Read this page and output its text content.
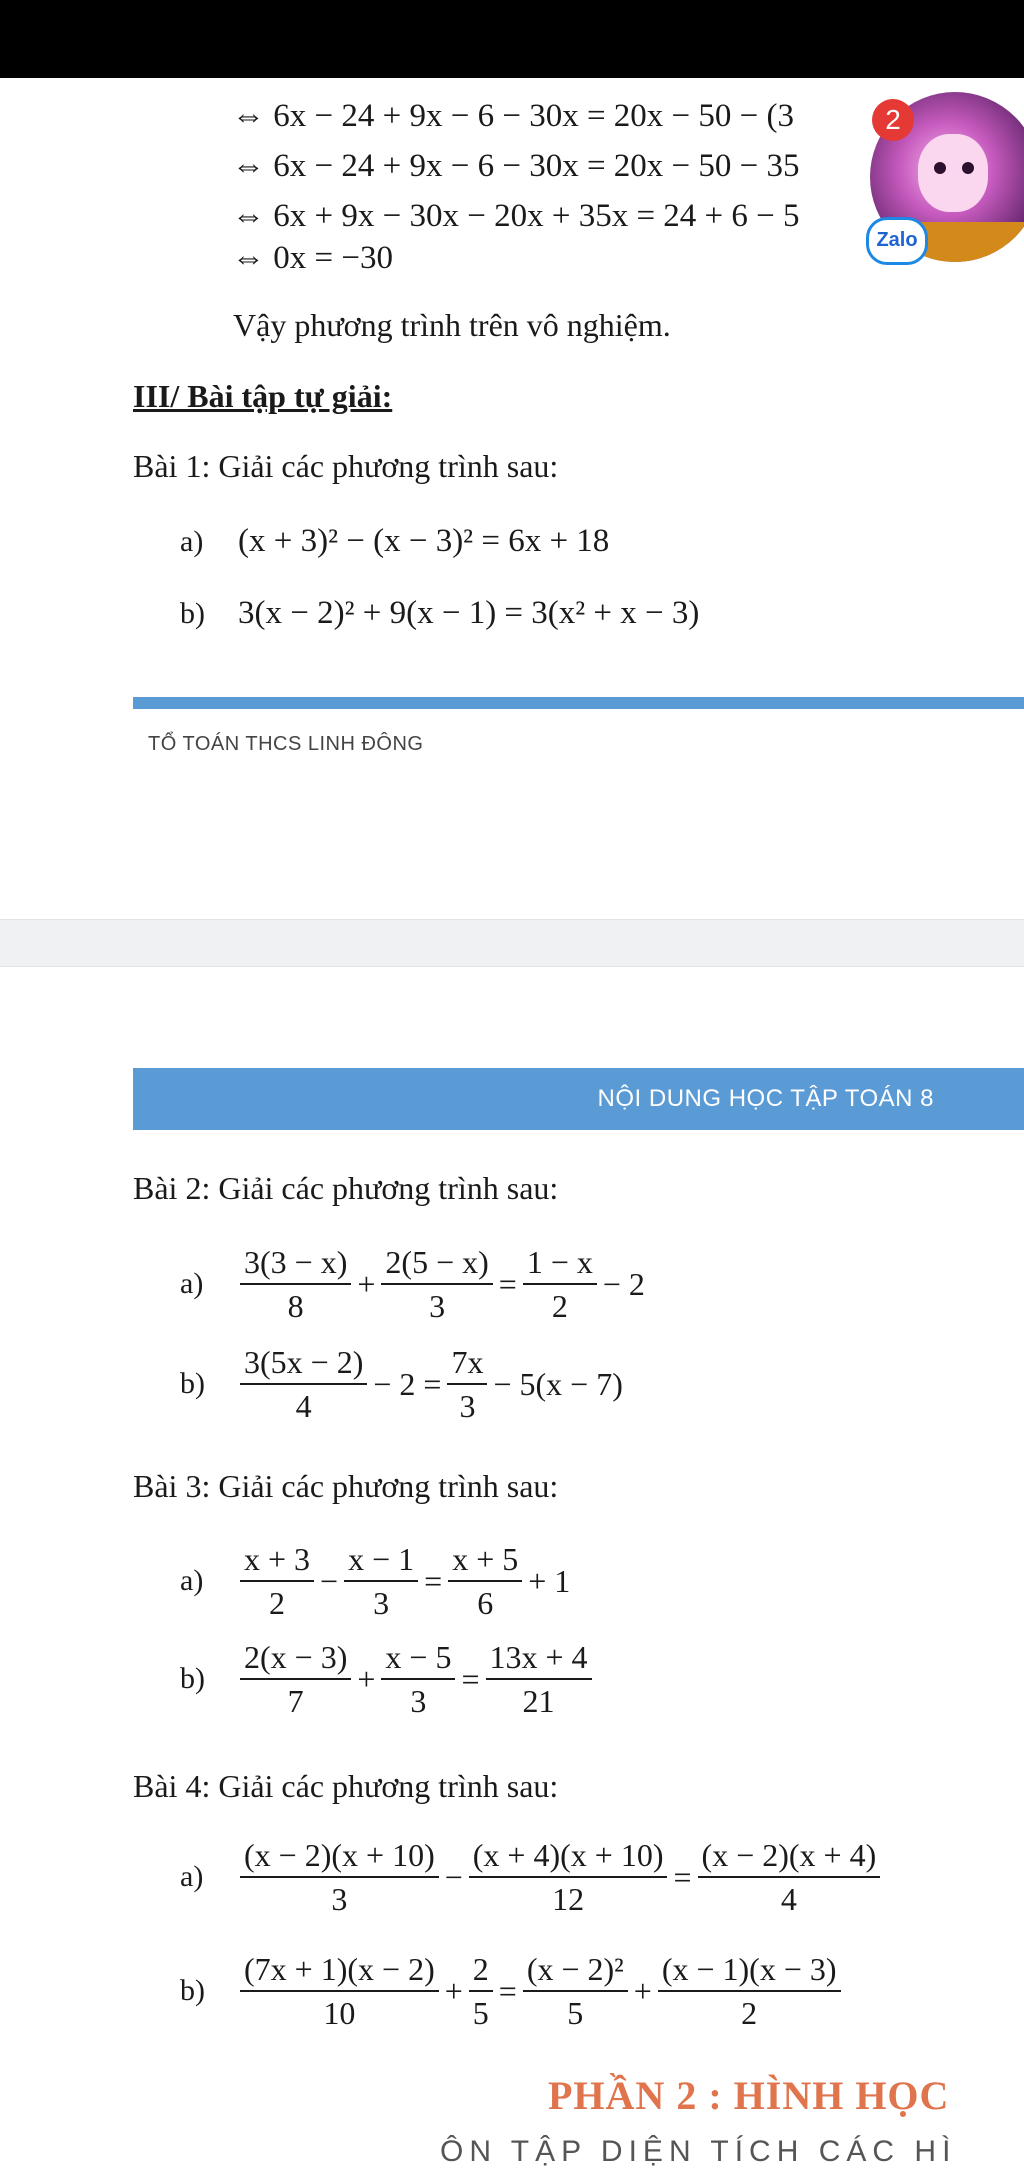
⇔ 6x − 24 + 9x − 6 − 30x = 20x − 50 − (3
⇔ 6x − 24 + 9x − 6 − 30x = 20x − 50 − 35
⇔ 6x + 9x − 30x − 20x + 35x = 24 + 6 − 5
⇔ 0x = −30
Vậy phương trình trên vô nghiệm.
2
Zalo
III/ Bài tập tự giải:
Bài 1: Giải các phương trình sau:
a)	(x + 3)² − (x − 3)² = 6x + 18
b)	3(x − 2)² + 9(x − 1) = 3(x² + x − 3)
TỔ TOÁN THCS LINH ĐÔNG
NỘI DUNG HỌC TẬP TOÁN 8
Bài 2: Giải các phương trình sau:
a)	$\frac{3(3 - x)}{8} + \frac{2(5 - x)}{3} = \frac{1 - x}{2} - 2$
b)	$\frac{3(5x - 2)}{4} - 2 = \frac{7x}{3} - 5(x - 7)$
Bài 3: Giải các phương trình sau:
a)	$\frac{x + 3}{2} - \frac{x - 1}{3} = \frac{x + 5}{6} + 1$
b)	$\frac{2(x - 3)}{7} + \frac{x - 5}{3} = \frac{13x + 4}{21}$
Bài 4: Giải các phương trình sau:
a)	$\frac{(x - 2)(x + 10)}{3} - \frac{(x + 4)(x + 10)}{12} = \frac{(x - 2)(x + 4)}{4}$
b)	$\frac{(7x + 1)(x - 2)}{10} + \frac{2}{5} = \frac{\text{(x − 2)²}}{5} + \frac{(x - 1)(x - 3)}{2}$
PHẦN 2 : HÌNH HỌC
ÔN TẬP DIỆN TÍCH CÁC HÌ
